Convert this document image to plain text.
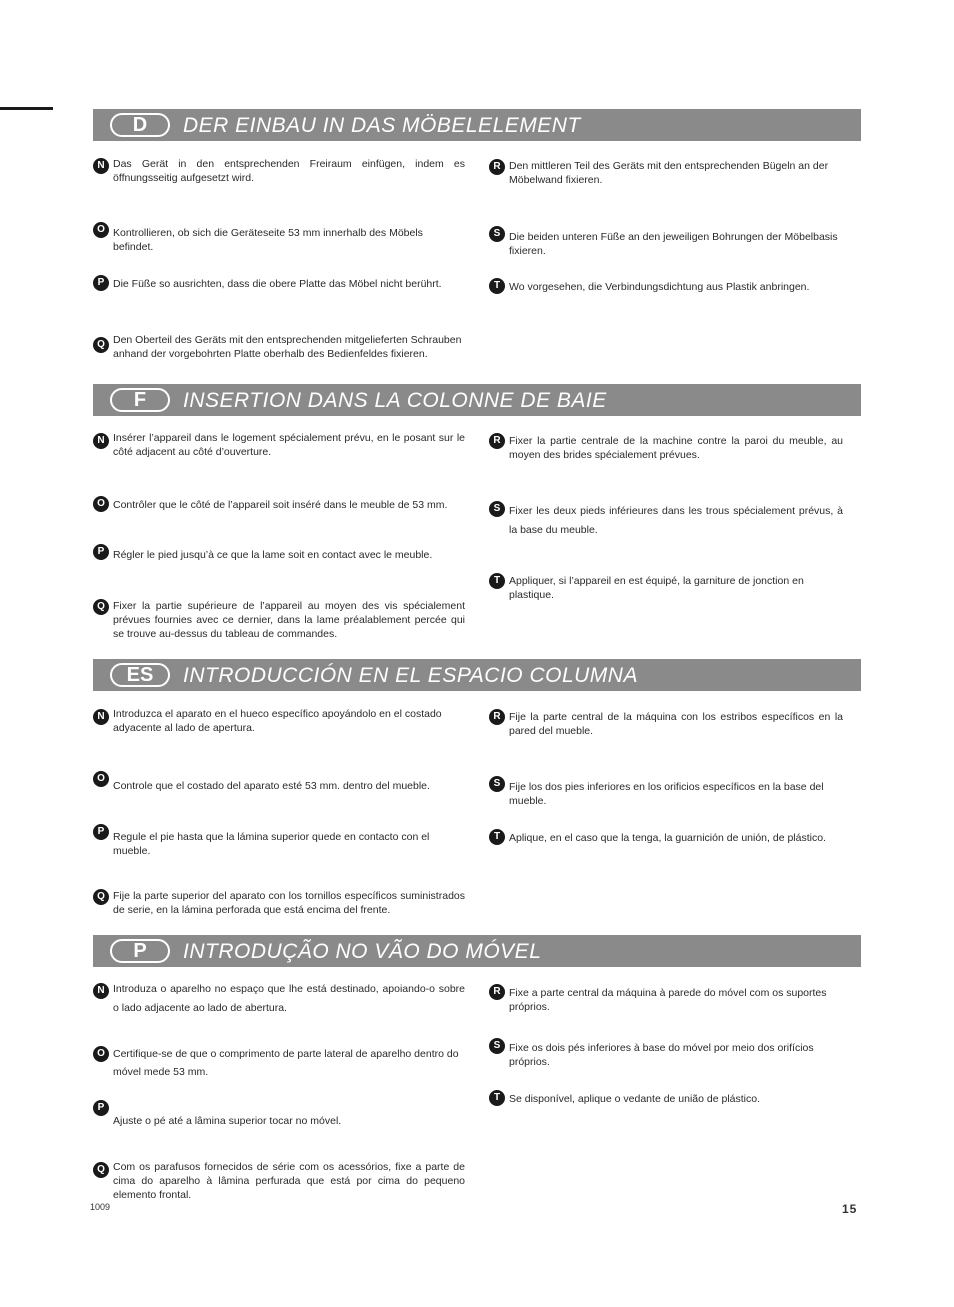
D	DER EINBAU IN DAS MÖBELELEMENT
N Das Gerät in den entsprechenden Freiraum einfügen, indem es öffnungsseitig aufgesetzt wird.
O Kontrollieren, ob sich die Geräteseite 53 mm innerhalb des Möbels befindet.
P Die Füße so ausrichten, dass die obere Platte das Möbel nicht berührt.
Q Den Oberteil des Geräts mit den entsprechenden mitgelieferten Schrauben anhand der vorgebohrten Platte oberhalb des Bedienfeldes fixieren.
R Den mittleren Teil des Geräts mit den entsprechenden Bügeln an der Möbelwand fixieren.
S Die beiden unteren Füße an den jeweiligen Bohrungen der Möbelbasis fixieren.
T Wo vorgesehen, die Verbindungsdichtung aus Plastik anbringen.
F	INSERTION DANS LA COLONNE DE BAIE
N Insérer l’appareil dans le logement spécialement prévu, en le posant sur le côté adjacent au côté d’ouverture.
O Contrôler que le côté de l’appareil soit inséré dans le meuble de 53 mm.
P Régler le pied jusqu’à ce que la lame soit en contact avec le meuble.
Q Fixer la partie supérieure de l’appareil au moyen des vis spécialement prévues fournies avec ce dernier, dans la lame préalablement percée qui se trouve au-dessus du tableau de commandes.
R Fixer la partie centrale de la machine contre la paroi du meuble, au moyen des brides spécialement prévues.
S Fixer les deux pieds inférieures dans les trous spécialement prévus, à la base du meuble.
T Appliquer, si l’appareil en est équipé, la garniture de jonction en plastique.
ES	INTRODUCCIÓN EN EL ESPACIO COLUMNA
N Introduzca el aparato en el hueco específico apoyándolo en el costado adyacente al lado de apertura.
O
Controle que el costado del aparato esté 53 mm. dentro del mueble.
P Regule el pie hasta que la lámina superior quede en contacto con el mueble.
Q Fije la parte superior del aparato con los tornillos específicos suministrados de serie, en la lámina perforada que está encima del frente.
R Fije la parte central de la máquina con los estribos específicos en la pared del mueble.
S Fije los dos pies inferiores en los orificios específicos en la base del mueble.
T Aplique, en el caso que la tenga, la guarnición de unión, de plástico.
P	INTRODUÇÃO NO VÃO DO MÓVEL
N Introduza o aparelho no espaço que lhe está destinado, apoiando-o sobre o lado adjacente ao lado de abertura.
O Certifique-se de que o comprimento de parte lateral de aparelho dentro do móvel mede 53 mm.
P
Ajuste o pé até a lâmina superior tocar no móvel.
Q Com os parafusos fornecidos de série com os acessórios, fixe a parte de cima do aparelho à lâmina perfurada que está por cima do pequeno elemento frontal.
R Fixe a parte central da máquina à parede do móvel com os suportes próprios.
S Fixe os dois pés inferiores à base do móvel por meio dos orifícios próprios.
T Se disponível, aplique o vedante de união de plástico.
1009	15
